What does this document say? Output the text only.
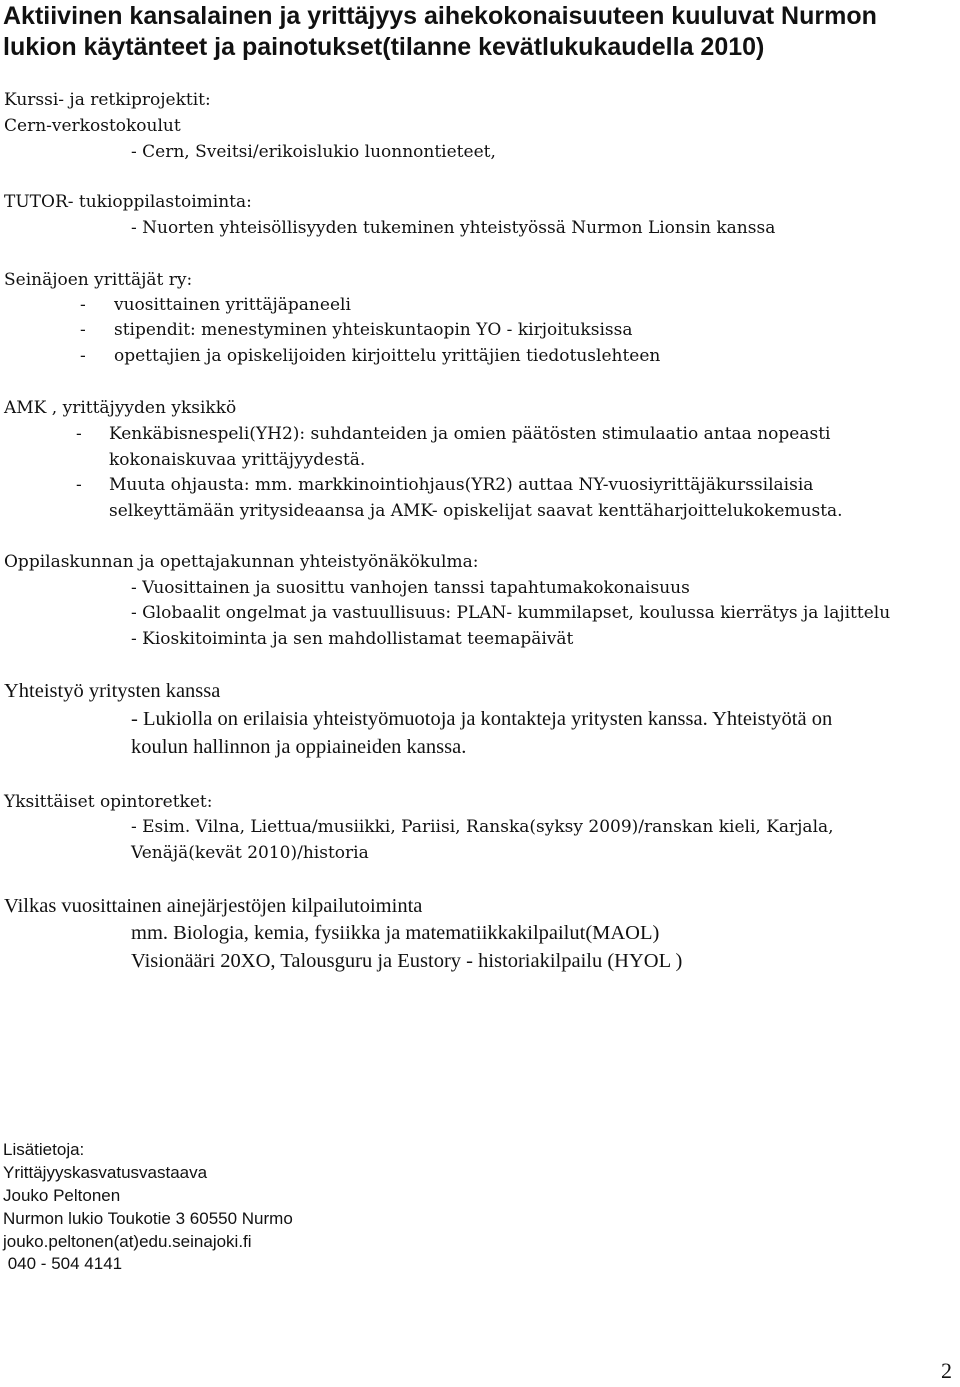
Aktiivinen kansalainen ja yrittäjyys aihekokonaisuuteen kuuluvat Nurmon
lukion käytänteet ja painotukset(tilanne kevätlukukaudella 2010)
Kurssi- ja retkiprojektit:
Cern-verkostokoulut
- Cern, Sveitsi/erikoislukio luonnontieteet,
TUTOR- tukioppilastoiminta:
- Nuorten yhteisöllisyyden tukeminen yhteistyössä Nurmon Lionsin kanssa
Seinäjoen yrittäjät ry:
- vuosittainen yrittäjäpaneeli
- stipendit: menestyminen yhteiskuntaopin YO - kirjoituksissa
- opettajien ja opiskelijoiden kirjoittelu yrittäjien tiedotuslehteen
AMK , yrittäjyyden yksikkö
- Kenkäbisnespeli(YH2): suhdanteiden ja omien päätösten stimulaatio antaa nopeasti
kokonaiskuvaa yrittäjyydestä.
- Muuta ohjausta: mm. markkinointiohjaus(YR2) auttaa NY-vuosiyrittäjäkurssilaisia
selkeyttämään yritysideaansa ja AMK- opiskelijat saavat kenttäharjoittelukokemusta.
Oppilaskunnan ja opettajakunnan yhteistyönäkökulma:
- Vuosittainen ja suosittu vanhojen tanssi tapahtumakokonaisuus
- Globaalit ongelmat ja vastuullisuus: PLAN- kummilapset, koulussa kierrätys ja lajittelu
- Kioskitoiminta ja sen mahdollistamat teemapäivät
Yhteistyö yritysten kanssa
- Lukiolla on erilaisia yhteistyömuotoja ja kontakteja yritysten kanssa. Yhteistyötä on
koulun hallinnon ja oppiaineiden kanssa.
Yksittäiset opintoretket:
- Esim. Vilna, Liettua/musiikki, Pariisi, Ranska(syksy 2009)/ranskan kieli, Karjala,
Venäjä(kevät 2010)/historia
Vilkas vuosittainen ainejärjestöjen kilpailutoiminta
mm. Biologia, kemia, fysiikka ja matematiikkakilpailut(MAOL)
Visionääri 20XO, Talousguru ja Eustory - historiakilpailu (HYOL )
Lisätietoja:
Yrittäjyyskasvatusvastaava
Jouko Peltonen
Nurmon lukio Toukotie 3 60550 Nurmo
jouko.peltonen(at)edu.seinajoki.fi
040 - 504 4141
2
